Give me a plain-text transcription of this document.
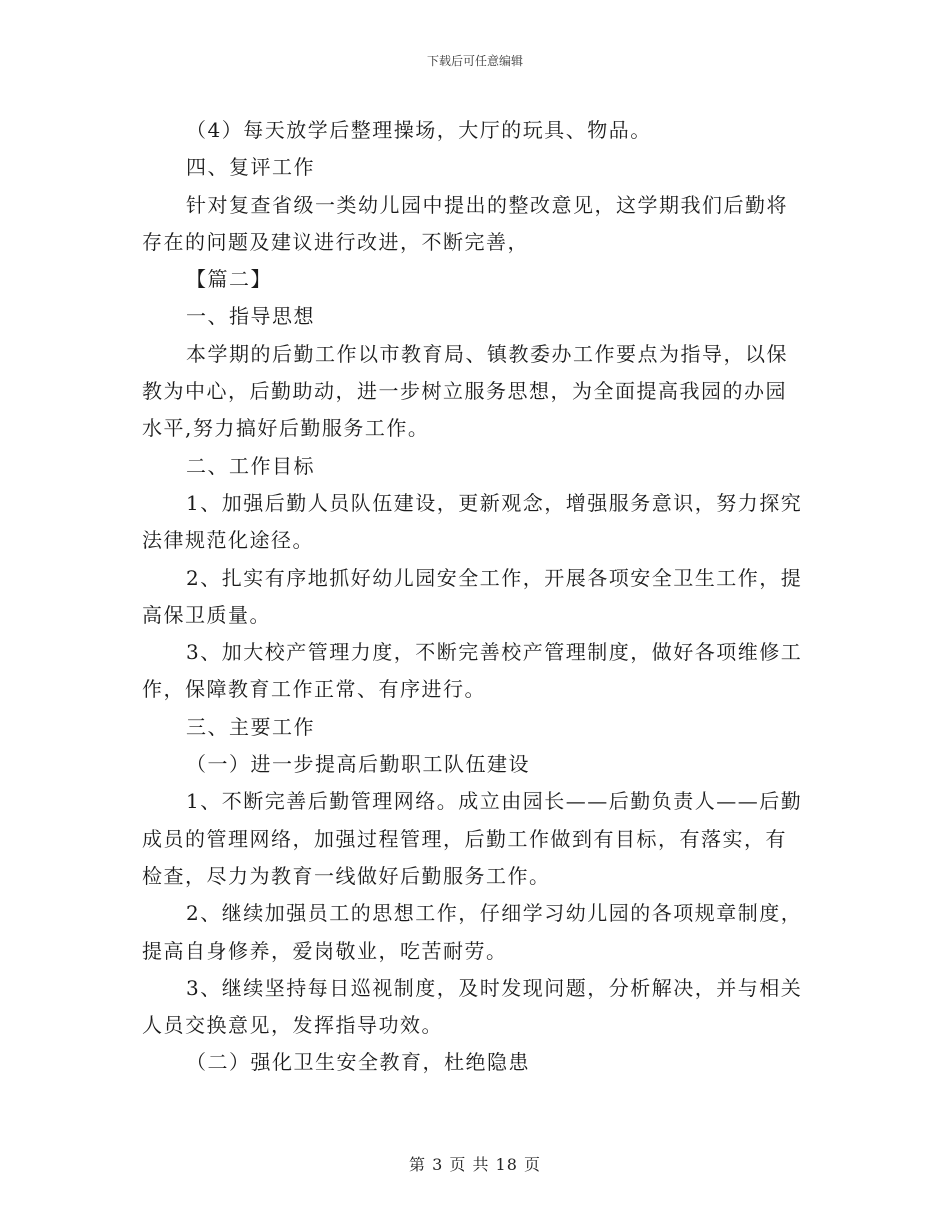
下载后可任意编辑
（4）每天放学后整理操场，大厅的玩具、物品。
四、复评工作
针对复查省级一类幼儿园中提出的整改意见，这学期我们后勤将
存在的问题及建议进行改进，不断完善，
【篇二】
一、指导思想
本学期的后勤工作以市教育局、镇教委办工作要点为指导，以保
教为中心，后勤助动，进一步树立服务思想，为全面提高我园的办园
水平,努力搞好后勤服务工作。
二、工作目标
1、加强后勤人员队伍建设，更新观念，增强服务意识，努力探究
法律规范化途径。
2、扎实有序地抓好幼儿园安全工作，开展各项安全卫生工作，提
高保卫质量。
3、加大校产管理力度，不断完善校产管理制度，做好各项维修工
作，保障教育工作正常、有序进行。
三、主要工作
（一）进一步提高后勤职工队伍建设
1、不断完善后勤管理网络。成立由园长——后勤负责人——后勤
成员的管理网络，加强过程管理，后勤工作做到有目标，有落实，有
检查，尽力为教育一线做好后勤服务工作。
2、继续加强员工的思想工作，仔细学习幼儿园的各项规章制度，
提高自身修养，爱岗敬业，吃苦耐劳。
3、继续坚持每日巡视制度，及时发现问题，分析解决，并与相关
人员交换意见，发挥指导功效。
（二）强化卫生安全教育，杜绝隐患
第 3 页 共 18 页
